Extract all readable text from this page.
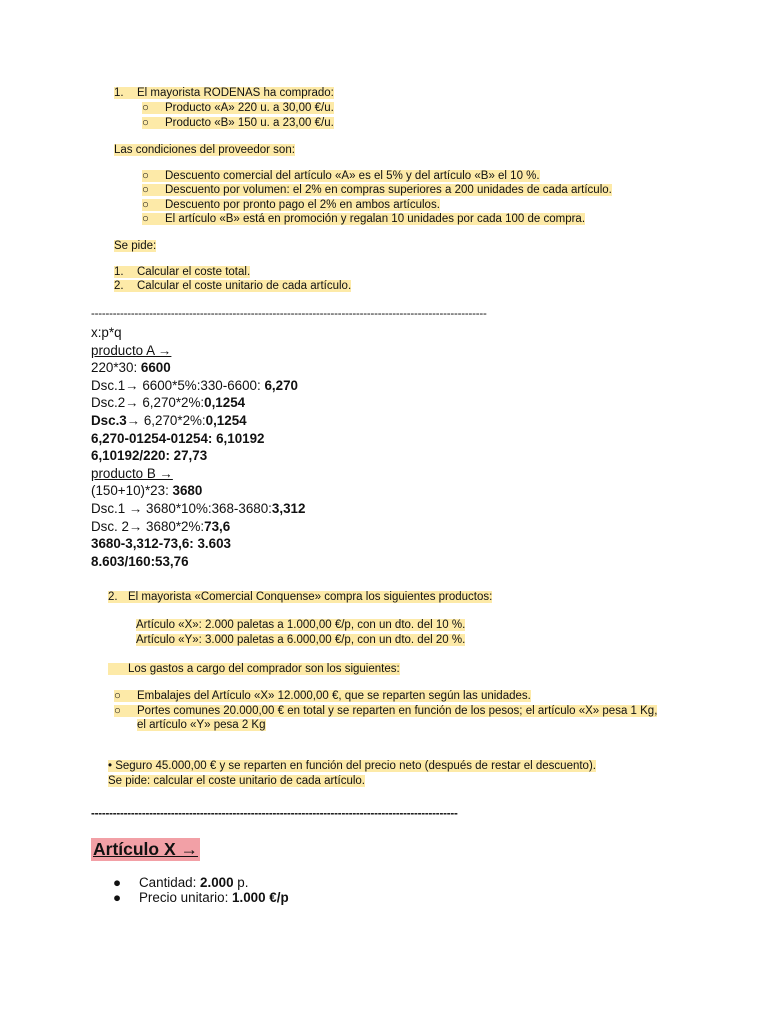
1. El mayorista RODENAS ha comprado:
○ Producto «A» 220 u. a 30,00 €/u.
○ Producto «B» 150 u. a 23,00 €/u.
Las condiciones del proveedor son:
○ Descuento comercial del artículo «A» es el 5% y del artículo «B» el 10 %.
○ Descuento por volumen: el 2% en compras superiores a 200 unidades de cada artículo.
○ Descuento por pronto pago el 2% en ambos artículos.
○ El artículo «B» está en promoción y regalan 10 unidades por cada 100 de compra.
Se pide:
1. Calcular el coste total.
2. Calcular el coste unitario de cada artículo.
-------------------------------------------------------------------------------------------------------------
x:p*q
producto A →
220*30: 6600
Dsc.1→ 6600*5%:330-6600: 6,270
Dsc.2→ 6,270*2%:0,1254
Dsc.3→ 6,270*2%:0,1254
6,270-01254-01254: 6,10192
6,10192/220: 27,73
producto B →
(150+10)*23: 3680
Dsc.1 → 3680*10%:368-3680:3,312
Dsc. 2→ 3680*2%:73,6
3680-3,312-73,6: 3.603
8.603/160:53,76
2. El mayorista «Comercial Conquense» compra los siguientes productos:
Artículo «X»: 2.000 paletas a 1.000,00 €/p, con un dto. del 10 %.
Artículo «Y»: 3.000 paletas a 6.000,00 €/p, con un dto. del 20 %.
Los gastos a cargo del comprador son los siguientes:
○ Embalajes del Artículo «X» 12.000,00 €, que se reparten según las unidades.
○ Portes comunes 20.000,00 € en total y se reparten en función de los pesos; el artículo «X» pesa 1 Kg,
el artículo «Y» pesa 2 Kg
• Seguro 45.000,00 € y se reparten en función del precio neto (después de restar el descuento).
Se pide: calcular el coste unitario de cada artículo.
-----------------------------------------------------------------------------------------------------
Artículo X →
● Cantidad: 2.000 p.
● Precio unitario: 1.000 €/p
